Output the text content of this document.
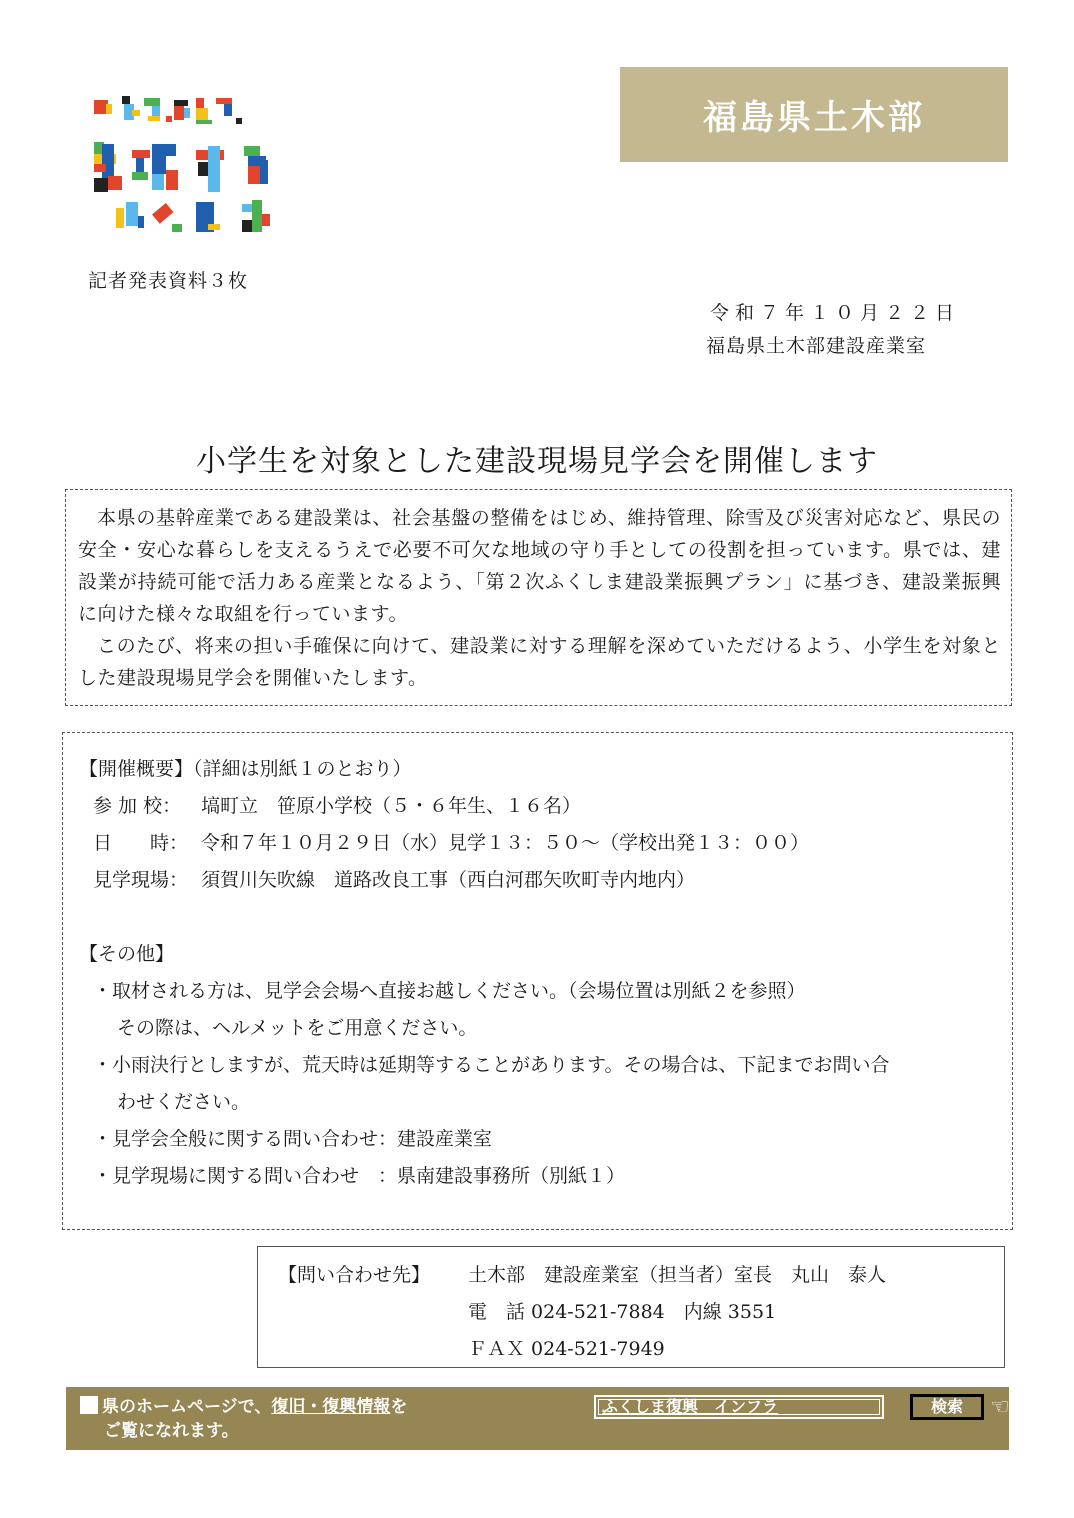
記者発表資料３枚
福島県土木部
令和７年１０月２２日
福島県土木部建設産業室
小学生を対象とした建設現場見学会を開催します

本県の基幹産業である建設業は、社会基盤の整備をはじめ、維持管理、除雪及び災害対応など、県民の安全・安心な暮らしを支えるうえで必要不可欠な地域の守り手としての役割を担っています。県では、建設業が持続可能で活力ある産業となるよう、「第２次ふくしま建設業振興プラン」に基づき、建設業振興に向けた様々な取組を行っています。

このたび、将来の担い手確保に向けて、建設業に対する理解を深めていただけるよう、小学生を対象とした建設現場見学会を開催いたします。

【開催概要】（詳細は別紙１のとおり）
参 加 校：	塙町立　笹原小学校（５・６年生、１６名）
日　　時： 令和７年１０月２９日（水）見学１３：５０～（学校出発１３：００）
見学現場： 須賀川矢吹線　道路改良工事（西白河郡矢吹町寺内地内）
【その他】
・取材される方は、見学会会場へ直接お越しください。（会場位置は別紙２を参照）
その際は、ヘルメットをご用意ください。
・小雨決行としますが、荒天時は延期等することがあります。その場合は、下記までお問い合
わせください。
・見学会全般に関する問い合わせ：建設産業室
・見学現場に関する問い合わせ　：県南建設事務所（別紙１）
【問い合わせ先】	土木部　建設産業室（担当者）室長　丸山　泰人
電　話 024-521-7884　内線 3551
ＦＡＸ 024-521-7949
県のホームページで、復旧・復興情報を
ご覧になれます。
ふくしま復興　インフラ	検索	☜
